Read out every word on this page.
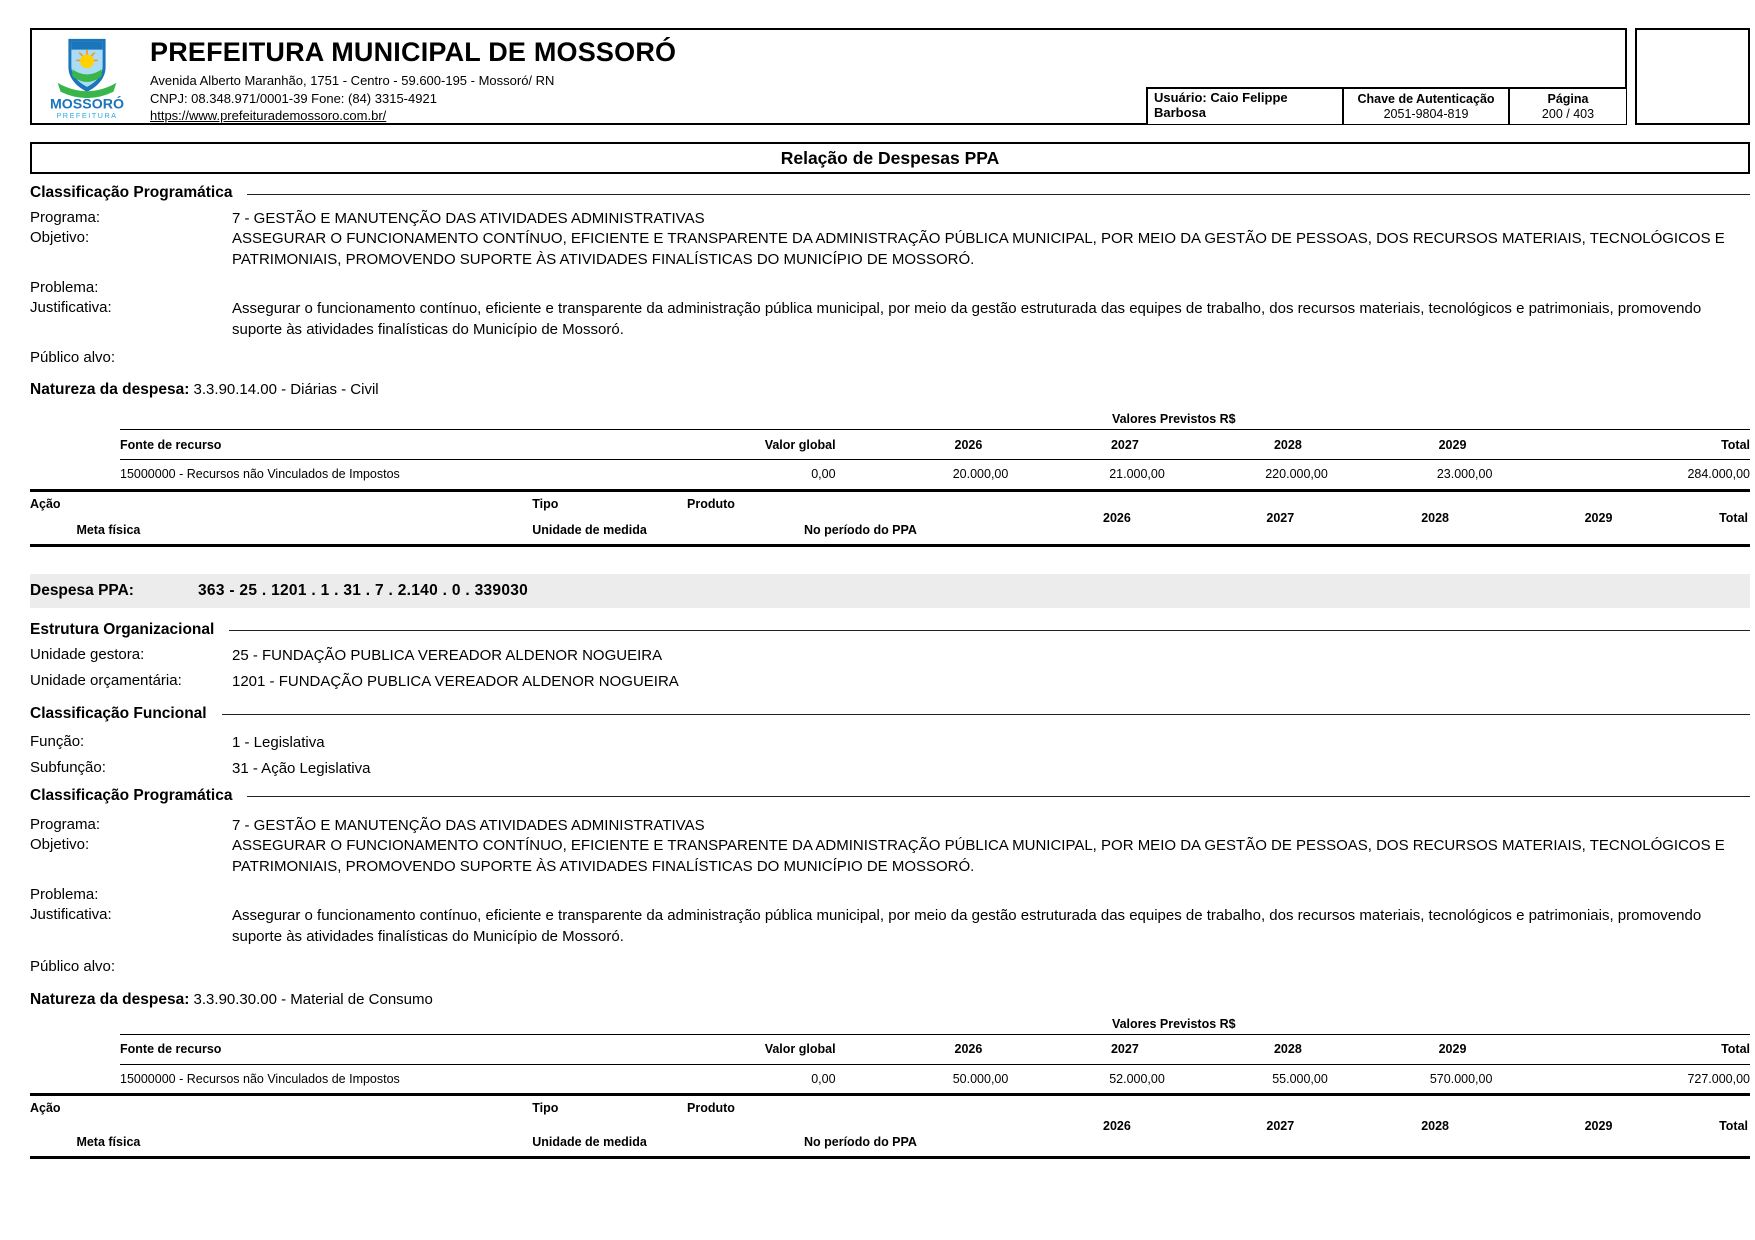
MOSSORÓ
PREFEITURA
PREFEITURA MUNICIPAL DE MOSSORÓ
Avenida Alberto Maranhão, 1751 - Centro - 59.600-195 - Mossoró/ RN
CNPJ: 08.348.971/0001-39 Fone: (84) 3315-4921
https://www.prefeiturademossoro.com.br/
Usuário: Caio Felippe Barbosa
Chave de Autenticação
2051-9804-819
Página
200 / 403
Relação de Despesas PPA
Classificação Programática
Programa:	7 - GESTÃO E MANUTENÇÃO DAS ATIVIDADES ADMINISTRATIVAS
Objetivo:	ASSEGURAR O FUNCIONAMENTO CONTÍNUO, EFICIENTE E TRANSPARENTE DA ADMINISTRAÇÃO PÚBLICA MUNICIPAL, POR MEIO DA GESTÃO DE PESSOAS, DOS RECURSOS MATERIAIS, TECNOLÓGICOS E PATRIMONIAIS, PROMOVENDO SUPORTE ÀS ATIVIDADES FINALÍSTICAS DO MUNICÍPIO DE MOSSORÓ.
Problema:
Justificativa:	Assegurar o funcionamento contínuo, eficiente e transparente da administração pública municipal, por meio da gestão estruturada das equipes de trabalho, dos recursos materiais, tecnológicos e patrimoniais, promovendo suporte às atividades finalísticas do Município de Mossoró.
Público alvo:
Natureza da despesa: 3.3.90.14.00 - Diárias - Civil
Valores Previstos R$
Fonte de recurso	Valor global	2026	2027	2028	2029	Total
15000000 - Recursos não Vinculados de Impostos	0,00	20.000,00	21.000,00	220.000,00	23.000,00	284.000,00
Ação	Tipo	Produto
2026	2027	2028	2029	Total
Meta física	Unidade de medida	No período do PPA
Despesa PPA:	363 - 25 . 1201 . 1 . 31 . 7 . 2.140 . 0 . 339030
Estrutura Organizacional
Unidade gestora:	25 - FUNDAÇÃO PUBLICA VEREADOR ALDENOR NOGUEIRA
Unidade orçamentária:	1201 - FUNDAÇÃO PUBLICA VEREADOR ALDENOR NOGUEIRA
Classificação Funcional
Função:	1 - Legislativa
Subfunção:	31 - Ação Legislativa
Classificação Programática
Programa:	7 - GESTÃO E MANUTENÇÃO DAS ATIVIDADES ADMINISTRATIVAS
Objetivo:	ASSEGURAR O FUNCIONAMENTO CONTÍNUO, EFICIENTE E TRANSPARENTE DA ADMINISTRAÇÃO PÚBLICA MUNICIPAL, POR MEIO DA GESTÃO DE PESSOAS, DOS RECURSOS MATERIAIS, TECNOLÓGICOS E PATRIMONIAIS, PROMOVENDO SUPORTE ÀS ATIVIDADES FINALÍSTICAS DO MUNICÍPIO DE MOSSORÓ.
Problema:
Justificativa:	Assegurar o funcionamento contínuo, eficiente e transparente da administração pública municipal, por meio da gestão estruturada das equipes de trabalho, dos recursos materiais, tecnológicos e patrimoniais, promovendo suporte às atividades finalísticas do Município de Mossoró.
Público alvo:
Natureza da despesa: 3.3.90.30.00 - Material de Consumo
Valores Previstos R$
Fonte de recurso	Valor global	2026	2027	2028	2029	Total
15000000 - Recursos não Vinculados de Impostos	0,00	50.000,00	52.000,00	55.000,00	570.000,00	727.000,00
Ação	Tipo	Produto
2026	2027	2028	2029	Total
Meta física	Unidade de medida	No período do PPA
